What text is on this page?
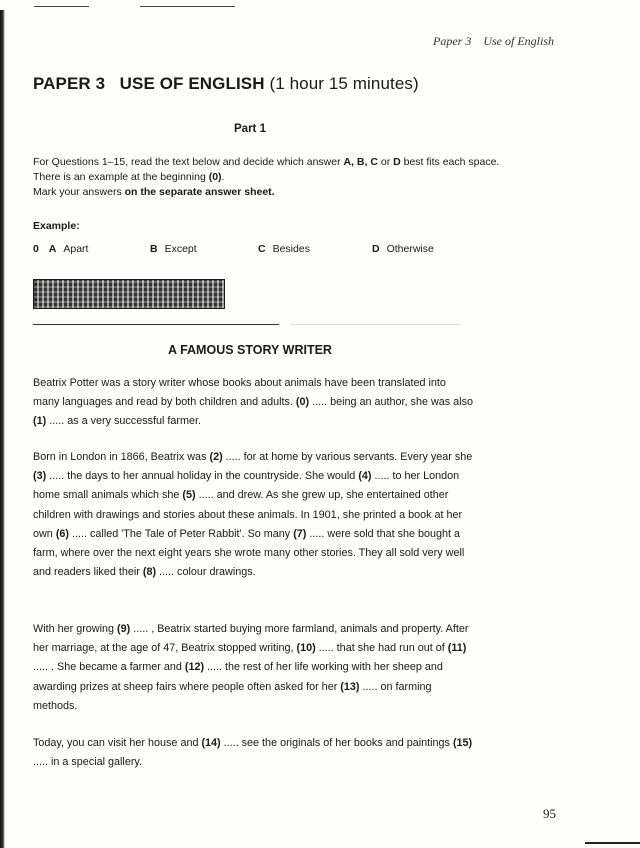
Paper 3 Use of English
PAPER 3   USE OF ENGLISH (1 hour 15 minutes)
Part 1

For Questions 1–15, read the text below and decide which answer A, B, C or D best fits each space. There is an example at the beginning (0).
Mark your answers on the separate answer sheet.

Example:
0 A Apart	B Except	C Besides	D Otherwise
A FAMOUS STORY WRITER

Beatrix Potter was a story writer whose books about animals have been translated into many languages and read by both children and adults. (0) ..... being an author, she was also (1) ..... as a very successful farmer.

Born in London in 1866, Beatrix was (2) ..... for at home by various servants. Every year she (3) ..... the days to her annual holiday in the countryside. She would (4) ..... to her London home small animals which she (5) ..... and drew. As she grew up, she entertained other children with drawings and stories about these animals. In 1901, she printed a book at her own (6) ..... called 'The Tale of Peter Rabbit'. So many (7) ..... were sold that she bought a farm, where over the next eight years she wrote many other stories. They all sold very well and readers liked their (8) ..... colour drawings.

With her growing (9) ..... , Beatrix started buying more farmland, animals and property. After her marriage, at the age of 47, Beatrix stopped writing, (10) ..... that she had run out of (11) ..... . She became a farmer and (12) ..... the rest of her life working with her sheep and awarding prizes at sheep fairs where people often asked for her (13) ..... on farming methods.

Today, you can visit her house and (14) ..... see the originals of her books and paintings (15) ..... in a special gallery.

95
